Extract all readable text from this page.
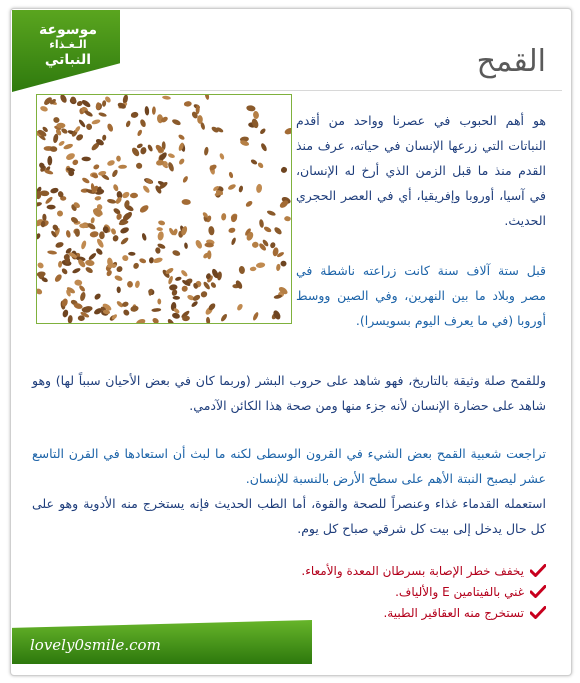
موسوعة
الـغـذاء
النباتي	القمح

هو أهم الحبوب في عصرنا وواحد من أقدم النباتات التي زرعها الإنسان في حياته، عرف منذ القدم منذ ما قبل الزمن الذي أرخ له الإنسان، في آسيا، أوروبا وإفريقيا، أي في العصر الحجري الحديث.

قبل ستة آلاف سنة كانت زراعته ناشطة في مصر وبلاد ما بين النهرين، وفي الصين ووسط أوروبا (في ما يعرف اليوم بسويسرا).

وللقمح صلة وثيقة بالتاريخ، فهو شاهد على حروب البشر (وربما كان في بعض الأحيان سبباً لها) وهو شاهد على حضارة الإنسان لأنه جزء منها ومن صحة هذا الكائن الآدمي.

تراجعت شعبية القمح بعض الشيء في القرون الوسطى لكنه ما لبث أن استعادها في القرن التاسع عشر ليصبح النبتة الأهم على سطح الأرض بالنسبة للإنسان.

استعمله القدماء غذاء وعنصراً للصحة والقوة، أما الطب الحديث فإنه يستخرج منه الأدوية وهو على كل حال يدخل إلى بيت كل شرقي صباح كل يوم.

يخفف خطر الإصابة بسرطان المعدة والأمعاء.
غني بالفيتامين E والألياف.
تستخرج منه العقاقير الطبية.
lovely0smile.com
